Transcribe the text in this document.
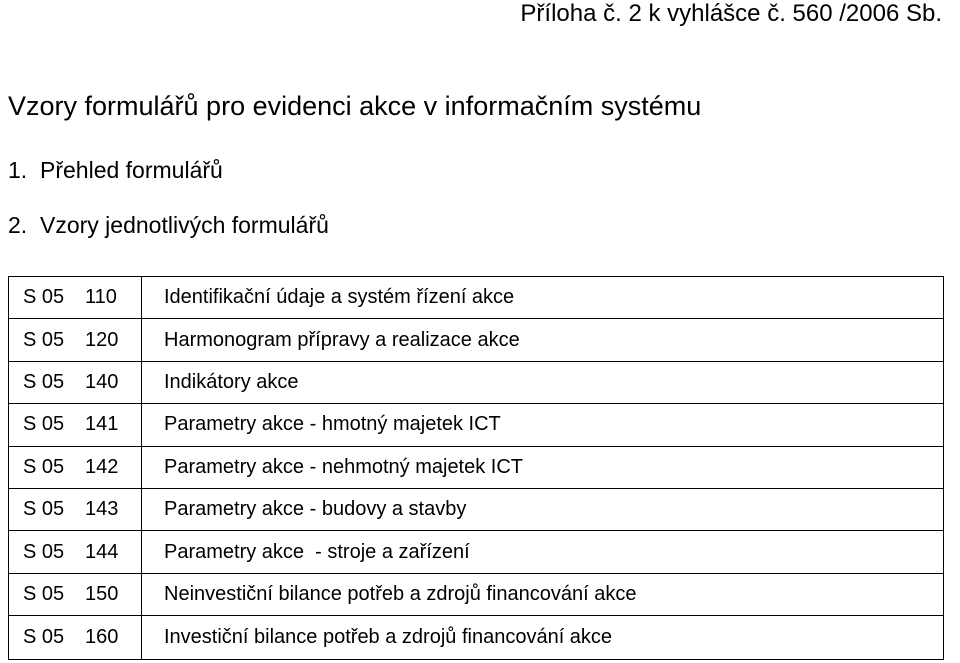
Příloha č. 2 k vyhlášce č. 560 /2006 Sb.
Vzory formulářů pro evidenci akce v informačním systému
1. Přehled formulářů
2. Vzory jednotlivých formulářů
S 05	110	Identifikační údaje a systém řízení akce
S 05	120	Harmonogram přípravy a realizace akce
S 05	140	Indikátory akce
S 05	141	Parametry akce - hmotný majetek ICT
S 05	142	Parametry akce - nehmotný majetek ICT
S 05	143	Parametry akce - budovy a stavby
S 05	144	Parametry akce  - stroje a zařízení
S 05	150	Neinvestiční bilance potřeb a zdrojů financování akce
S 05	160	Investiční bilance potřeb a zdrojů financování akce
